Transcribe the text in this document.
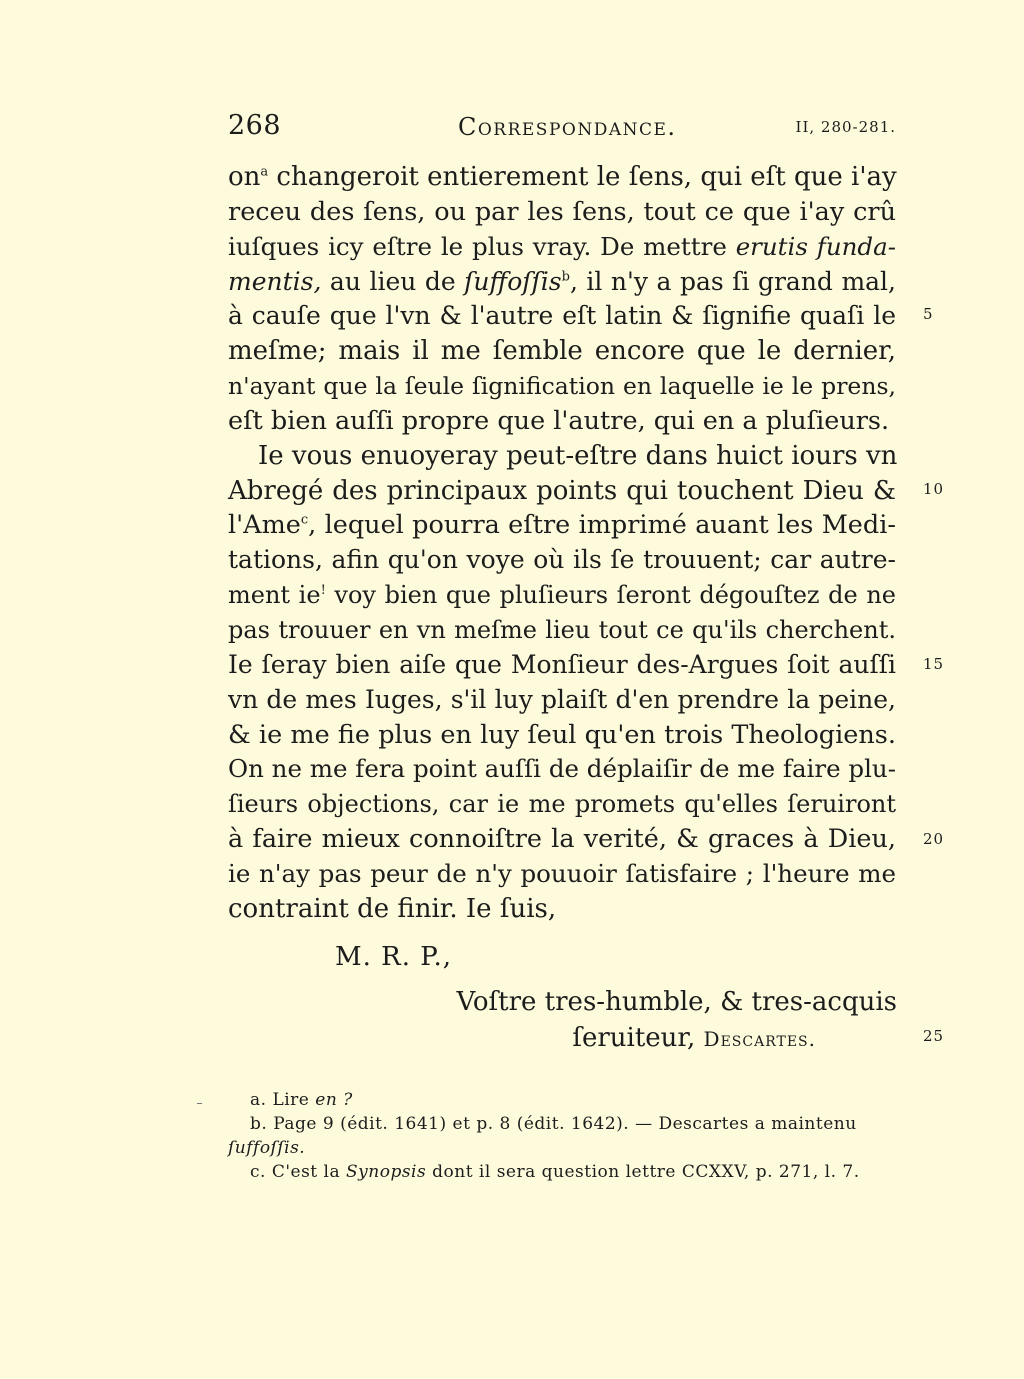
268	Correspondance.	II, 280-281.
$on^a$ changeroit entierement le ſens, qui eſt que i'ay
receu des ſens, ou par les ſens, tout ce que i'ay crû
iuſques icy eſtre le plus vray. De mettre erutis funda-
mentis, au lieu de ſuffoſſis$^b$, il n'y a pas ſi grand mal,
à cauſe que l'vn & l'autre eſt latin & ſignifie quaſi le
meſme; mais il me ſemble encore que le dernier,
n'ayant que la ſeule ſignification en laquelle ie le prens,
eſt bien auſſi propre que l'autre, qui en a pluſieurs.
Ie vous enuoyeray peut-eſtre dans huict iours vn
Abregé des principaux points qui touchent Dieu &
l'Ame$^c$, lequel pourra eſtre imprimé auant les Medi-
tations, afin qu'on voye où ils ſe trouuent; car autre-
ment ie! voy bien que pluſieurs ſeront dégouſtez de ne
pas trouuer en vn meſme lieu tout ce qu'ils cherchent.
Ie ſeray bien aiſe que Monſieur des-Argues ſoit auſſi
vn de mes Iuges, s'il luy plaiſt d'en prendre la peine,
& ie me fie plus en luy ſeul qu'en trois Theologiens.
On ne me fera point auſſi de déplaiſir de me faire plu-
ſieurs objections, car ie me promets qu'elles ſeruiront
à faire mieux connoiſtre la verité, & graces à Dieu,
ie n'ay pas peur de n'y pouuoir ſatisfaire ; l'heure me
contraint de finir. Ie ſuis,
5
10
15
20
25
M. R. P.,
Voſtre tres-humble, & tres-acquis
ſeruiteur, Descartes.
a. Lire en ?
b. Page 9 (édit. 1641) et p. 8 (édit. 1642). — Descartes a maintenu
ſuffoſſis.
c. C'est la Synopsis dont il sera question lettre CCXXV, p. 271, l. 7.
